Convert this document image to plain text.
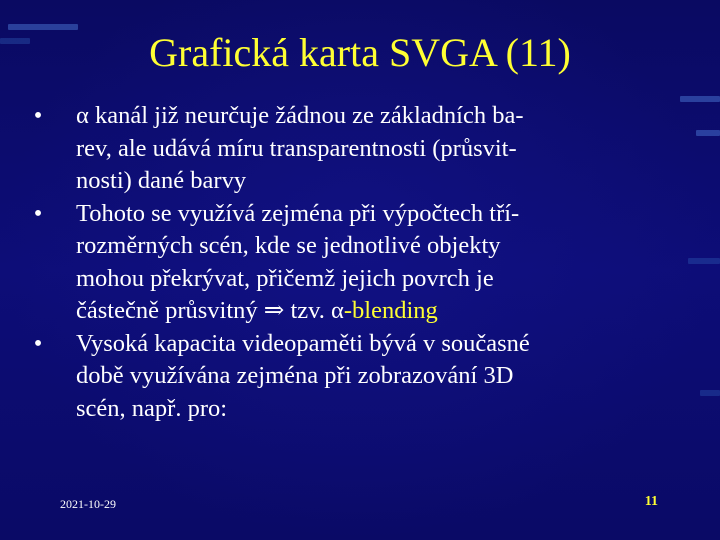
Grafická karta SVGA (11)
• α kanál již neurčuje žádnou ze základních ba-
rev, ale udává míru transparentnosti (průsvit-
nosti) dané barvy
• Tohoto se využívá zejména při výpočtech tří-
rozměrných scén, kde se jednotlivé objekty
mohou překrývat, přičemž jejich povrch je
částečně průsvitný ⇒ tzv. α-blending
• Vysoká kapacita videopaměti bývá v současné
době využívána zejména při zobrazování 3D
scén, např. pro:
2021-10-29	11
